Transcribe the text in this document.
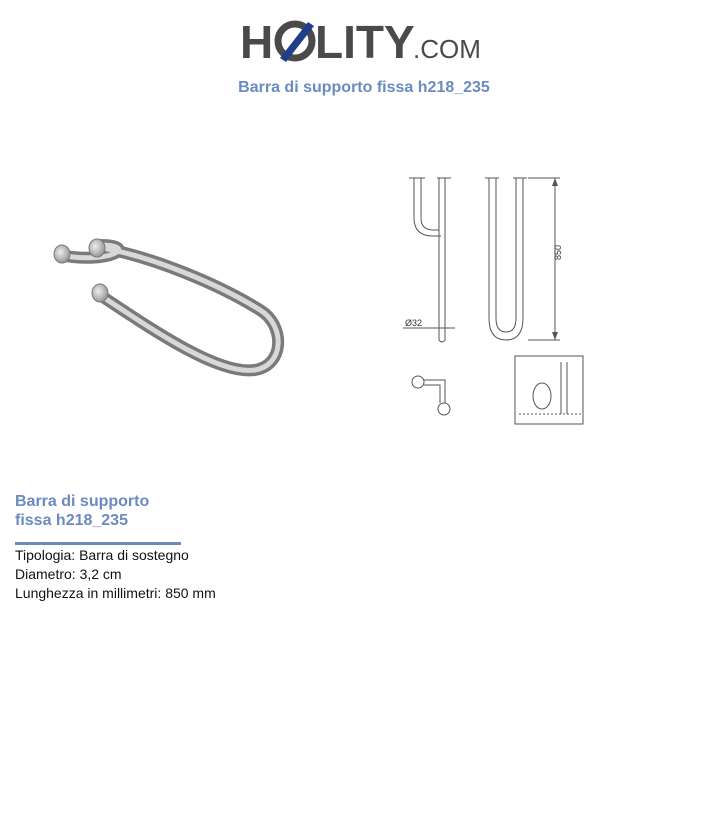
H LITY
.COM
Barra di supporto fissa h218_235
850
Ø32
Barra di supporto
fissa h218_235
Tipologia: Barra di sostegno
Diametro: 3,2 cm
Lunghezza in millimetri: 850 mm
